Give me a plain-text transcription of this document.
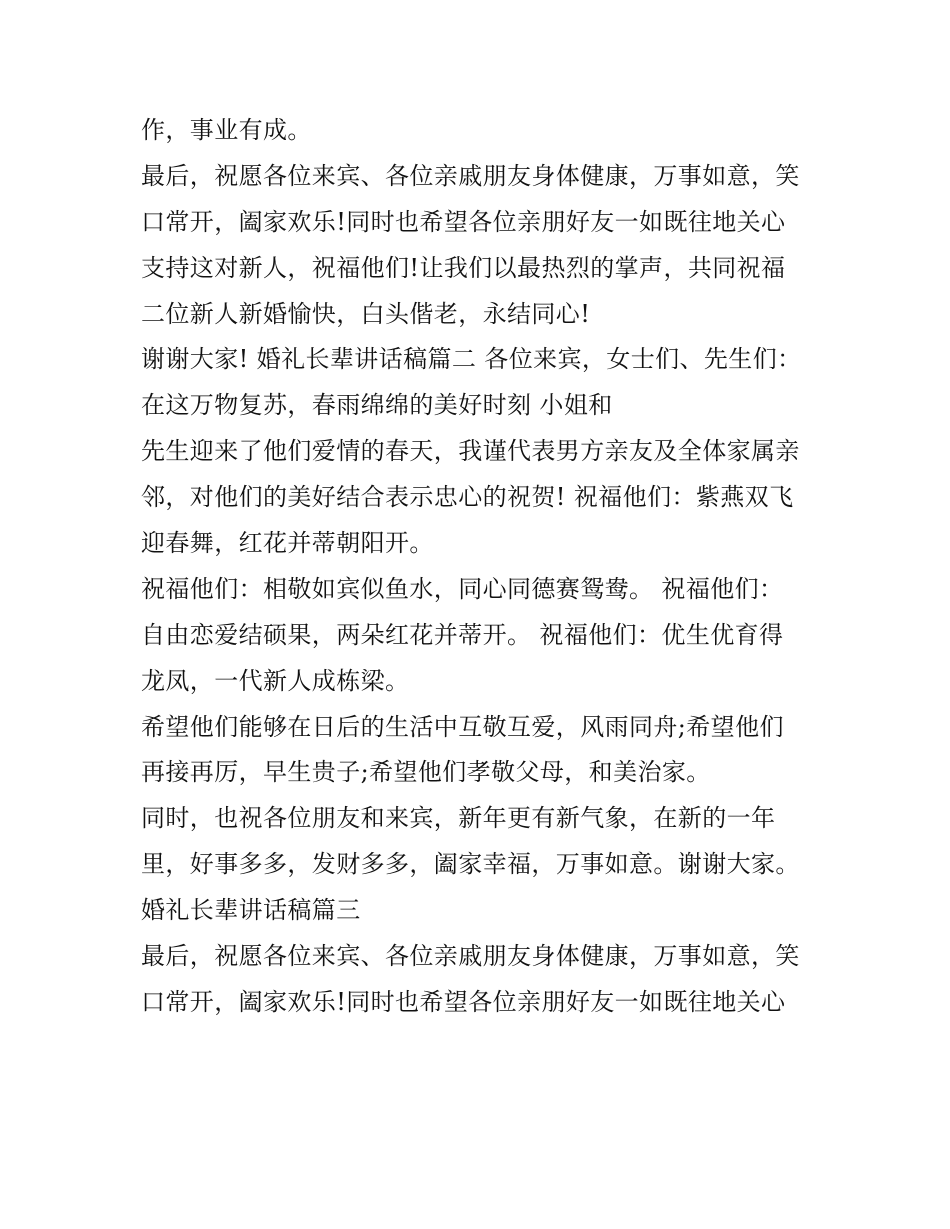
作，事业有成。
最后，祝愿各位来宾、各位亲戚朋友身体健康，万事如意，笑
口常开，阖家欢乐!同时也希望各位亲朋好友一如既往地关心
支持这对新人，祝福他们!让我们以最热烈的掌声，共同祝福
二位新人新婚愉快，白头偕老，永结同心!
谢谢大家! 婚礼长辈讲话稿篇二 各位来宾，女士们、先生们：
在这万物复苏，春雨绵绵的美好时刻 小姐和
先生迎来了他们爱情的春天，我谨代表男方亲友及全体家属亲
邻，对他们的美好结合表示忠心的祝贺! 祝福他们：紫燕双飞
迎春舞，红花并蒂朝阳开。
祝福他们：相敬如宾似鱼水，同心同德赛鸳鸯。 祝福他们：
自由恋爱结硕果，两朵红花并蒂开。 祝福他们：优生优育得
龙凤，一代新人成栋梁。
希望他们能够在日后的生活中互敬互爱，风雨同舟;希望他们
再接再厉，早生贵子;希望他们孝敬父母，和美治家。
同时，也祝各位朋友和来宾，新年更有新气象，在新的一年
里，好事多多，发财多多，阖家幸福，万事如意。谢谢大家。
婚礼长辈讲话稿篇三
最后，祝愿各位来宾、各位亲戚朋友身体健康，万事如意，笑
口常开，阖家欢乐!同时也希望各位亲朋好友一如既往地关心
